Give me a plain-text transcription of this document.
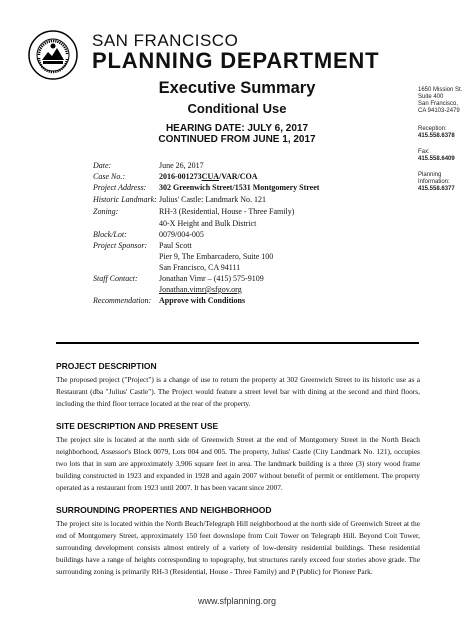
SAN FRANCISCO
PLANNING DEPARTMENT
Executive Summary
Conditional Use
HEARING DATE: JULY 6, 2017
CONTINUED FROM JUNE 1, 2017
1650 Mission St.
Suite 400
San Francisco,
CA 94103-2479
Reception:
415.558.6378
Fax:
415.558.6409
Planning
Information:
415.558.6377
Date:	June 26, 2017
Case No.:	2016-001273CUA/VAR/COA
Project Address: 302 Greenwich Street/1531 Montgomery Street
Historic Landmark: Julius' Castle: Landmark No. 121
Zoning:	RH-3 (Residential, House - Three Family)
40-X Height and Bulk District
Block/Lot:	0079/004-005
Project Sponsor: Paul Scott
Pier 9, The Embarcadero, Suite 100
San Francisco, CA 94111
Staff Contact:	Jonathan Vimr – (415) 575-9109
Jonathan.vimr@sfgov.org
Recommendation: Approve with Conditions
PROJECT DESCRIPTION
The proposed project ("Project") is a change of use to return the property at 302 Greenwich Street to its historic use as a Restaurant (dba "Julius' Castle"). The Project would feature a street level bar with dining at the second and third floors, including the third floor terrace located at the rear of the property.
SITE DESCRIPTION AND PRESENT USE
The project site is located at the north side of Greenwich Street at the end of Montgomery Street in the North Beach neighborhood, Assessor's Block 0079, Lots 004 and 005. The property, Julius' Castle (City Landmark No. 121), occupies two lots that in sum are approximately 3,906 square feet in area. The landmark building is a three (3) story wood frame building constructed in 1923 and expanded in 1928 and again 2007 without benefit of permit or entitlement. The property operated as a restaurant from 1923 until 2007. It has been vacant since 2007.
SURROUNDING PROPERTIES AND NEIGHBORHOOD
The project site is located within the North Beach/Telegraph Hill neighborhood at the north side of Greenwich Street at the end of Montgomery Street, approximately 150 feet downslope from Coit Tower on Telegraph Hill. Beyond Coit Tower, surrounding development consists almost entirely of a variety of low-density residential buildings. These residential buildings have a range of heights corresponding to topography, but structures rarely exceed four stories above grade. The surrounding zoning is primarily RH-3 (Residential, House - Three Family) and P (Public) for Pioneer Park.
www.sfplanning.org
